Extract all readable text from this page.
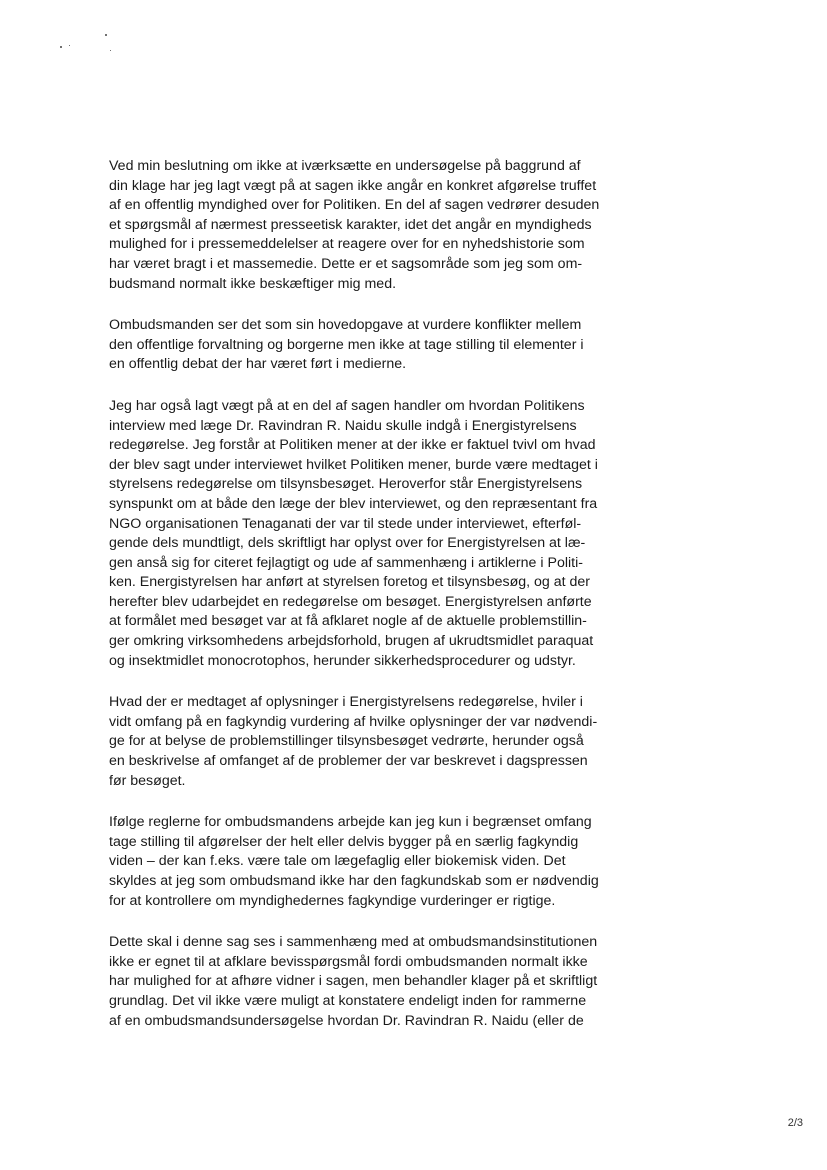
Ved min beslutning om ikke at iværksætte en undersøgelse på baggrund af
din klage har jeg lagt vægt på at sagen ikke angår en konkret afgørelse truffet
af en offentlig myndighed over for Politiken. En del af sagen vedrører desuden
et spørgsmål af nærmest presseetisk karakter, idet det angår en myndigheds
mulighed for i pressemeddelelser at reagere over for en nyhedshistorie som
har været bragt i et massemedie. Dette er et sagsområde som jeg som om-
budsmand normalt ikke beskæftiger mig med.

Ombudsmanden ser det som sin hovedopgave at vurdere konflikter mellem
den offentlige forvaltning og borgerne men ikke at tage stilling til elementer i
en offentlig debat der har været ført i medierne.

Jeg har også lagt vægt på at en del af sagen handler om hvordan Politikens
interview med læge Dr. Ravindran R. Naidu skulle indgå i Energistyrelsens
redegørelse. Jeg forstår at Politiken mener at der ikke er faktuel tvivl om hvad
der blev sagt under interviewet hvilket Politiken mener, burde være medtaget i
styrelsens redegørelse om tilsynsbesøget. Heroverfor står Energistyrelsens
synspunkt om at både den læge der blev interviewet, og den repræsentant fra
NGO organisationen Tenaganati der var til stede under interviewet, efterføl-
gende dels mundtligt, dels skriftligt har oplyst over for Energistyrelsen at læ-
gen anså sig for citeret fejlagtigt og ude af sammenhæng i artiklerne i Politi-
ken. Energistyrelsen har anført at styrelsen foretog et tilsynsbesøg, og at der
herefter blev udarbejdet en redegørelse om besøget. Energistyrelsen anførte
at formålet med besøget var at få afklaret nogle af de aktuelle problemstillin-
ger omkring virksomhedens arbejdsforhold, brugen af ukrudtsmidlet paraquat
og insektmidlet monocrotophos, herunder sikkerhedsprocedurer og udstyr.

Hvad der er medtaget af oplysninger i Energistyrelsens redegørelse, hviler i
vidt omfang på en fagkyndig vurdering af hvilke oplysninger der var nødvendi-
ge for at belyse de problemstillinger tilsynsbesøget vedrørte, herunder også
en beskrivelse af omfanget af de problemer der var beskrevet i dagspressen
før besøget.

Ifølge reglerne for ombudsmandens arbejde kan jeg kun i begrænset omfang
tage stilling til afgørelser der helt eller delvis bygger på en særlig fagkyndig
viden – der kan f.eks. være tale om lægefaglig eller biokemisk viden. Det
skyldes at jeg som ombudsmand ikke har den fagkundskab som er nødvendig
for at kontrollere om myndighedernes fagkyndige vurderinger er rigtige.

Dette skal i denne sag ses i sammenhæng med at ombudsmandsinstitutionen
ikke er egnet til at afklare bevisspørgsmål fordi ombudsmanden normalt ikke
har mulighed for at afhøre vidner i sagen, men behandler klager på et skriftligt
grundlag. Det vil ikke være muligt at konstatere endeligt inden for rammerne
af en ombudsmandsundersøgelse hvordan Dr. Ravindran R. Naidu (eller de

2/3
